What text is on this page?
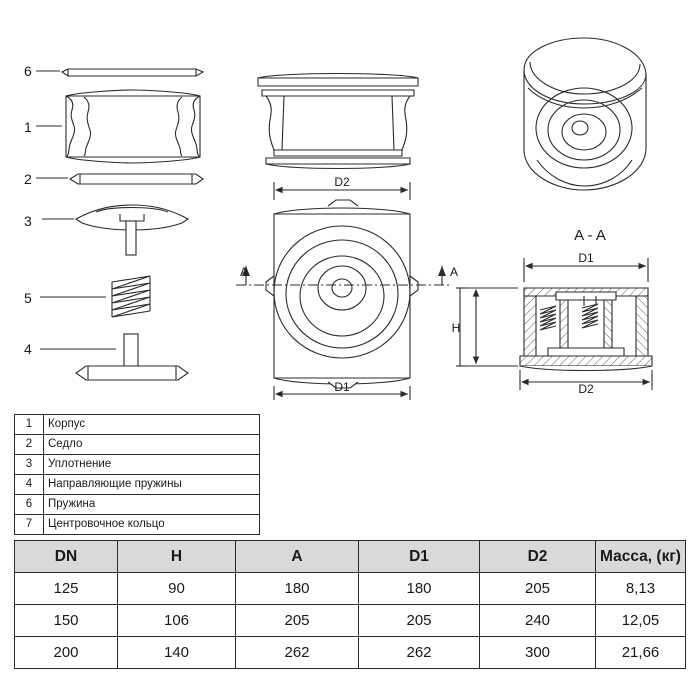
6
1
2
3
5
4
D2
D1
A	A
A - A
H
D1
D2
1	Корпус
2	Седло
3	Уплотнение
4	Направляющие пружины
6	Пружина
7	Центровочное кольцо
DN	H	A	D1	D2	Масса, (кг)
125	90	180	180	205	8,13
150	106	205	205	240	12,05
200	140	262	262	300	21,66
